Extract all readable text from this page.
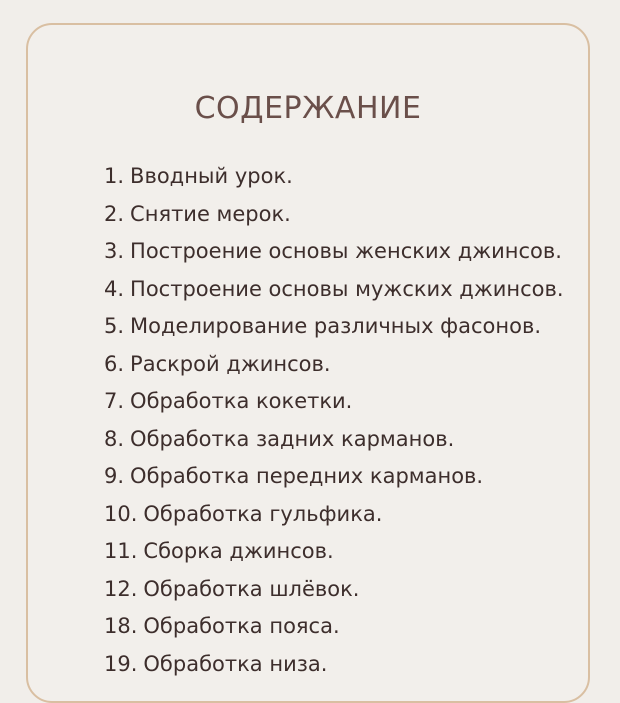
СОДЕРЖАНИЕ
1. Вводный урок.
2. Снятие мерок.
3. Построение основы женских джинсов.
4. Построение основы мужских джинсов.
5. Моделирование различных фасонов.
6. Раскрой джинсов.
7. Обработка кокетки.
8. Обработка задних карманов.
9. Обработка передних карманов.
10. Обработка гульфика.
11. Сборка джинсов.
12. Обработка шлёвок.
18. Обработка пояса.
19. Обработка низа.
